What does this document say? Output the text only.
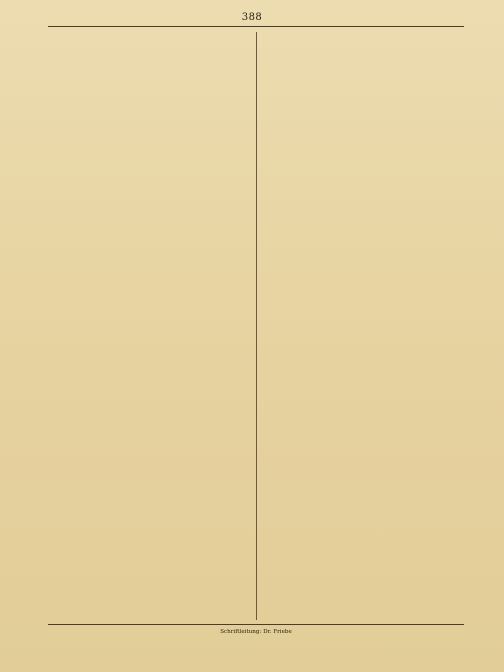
388
Schriftleitung: Dr. Friebe
